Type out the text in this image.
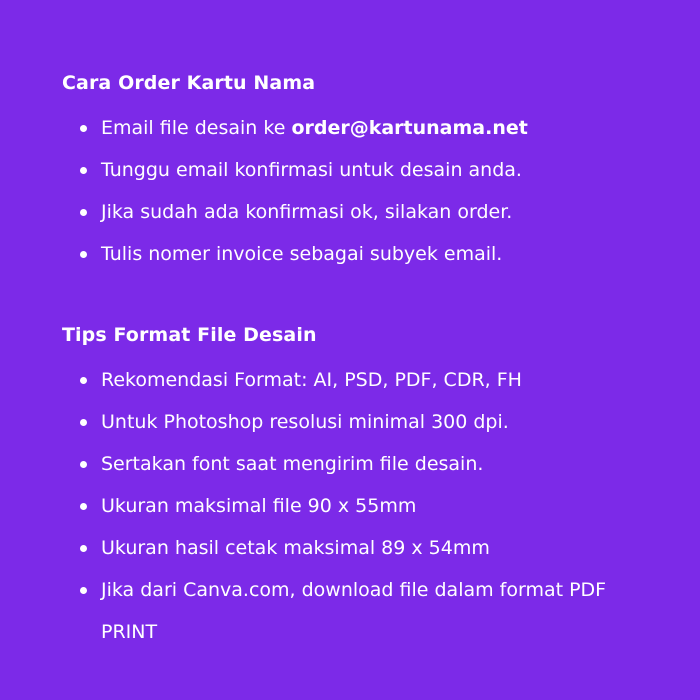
Cara Order Kartu Nama
Email file desain ke order@kartunama.net
Tunggu email konfirmasi untuk desain anda.
Jika sudah ada konfirmasi ok, silakan order.
Tulis nomer invoice sebagai subyek email.
Tips Format File Desain
Rekomendasi Format: AI, PSD, PDF, CDR, FH
Untuk Photoshop resolusi minimal 300 dpi.
Sertakan font saat mengirim file desain.
Ukuran maksimal file 90 x 55mm
Ukuran hasil cetak maksimal 89 x 54mm
Jika dari Canva.com, download file dalam format PDF PRINT
